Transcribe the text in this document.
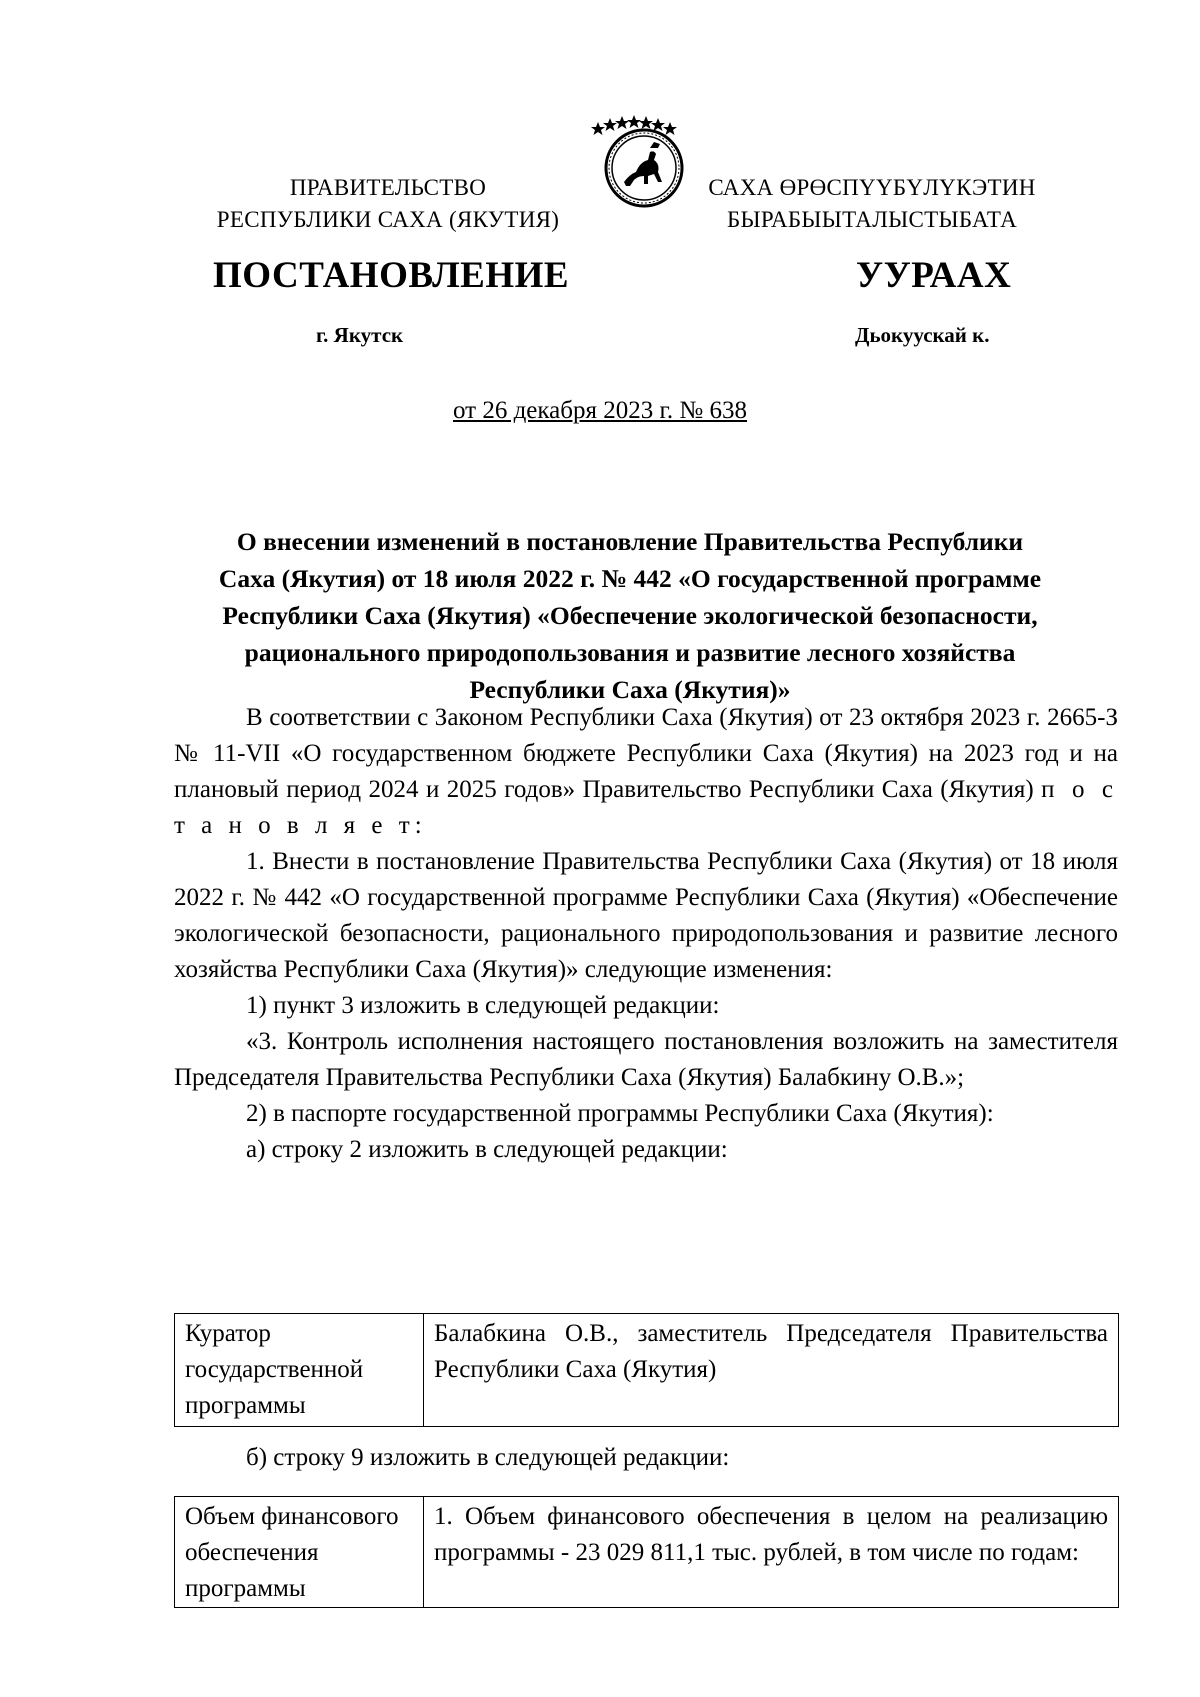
ПРАВИТЕЛЬСТВО
РЕСПУБЛИКИ САХА (ЯКУТИЯ)
САХА ӨРӨСПҮҮБҮЛҮКЭТИН
БЫРАБЫЫТАЛЫСТЫБАТА
ПОСТАНОВЛЕНИЕ	УУРААХ
г. Якутск	Дьокуускай к.
от 26 декабря 2023 г. № 638
О внесении изменений в постановление Правительства Республики
Саха (Якутия) от 18 июля 2022 г. № 442 «О государственной программе
Республики Саха (Якутия) «Обеспечение экологической безопасности,
рационального природопользования и развитие лесного хозяйства
Республики Саха (Якутия)»

В соответствии с Законом Республики Саха (Якутия) от 23 октября 2023 г. 2665-З № 11-VII «О государственном бюджете Республики Саха (Якутия) на 2023 год и на плановый период 2024 и 2025 годов» Правительство Республики Саха (Якутия) п о с т а н о в л я е т:

1. Внести в постановление Правительства Республики Саха (Якутия) от 18 июля 2022 г. № 442 «О государственной программе Республики Саха (Якутия) «Обеспечение экологической безопасности, рационального природопользования и развитие лесного хозяйства Республики Саха (Якутия)» следующие изменения:

1) пункт 3 изложить в следующей редакции:

«3. Контроль исполнения настоящего постановления возложить на заместителя Председателя Правительства Республики Саха (Якутия) Балабкину О.В.»;

2) в паспорте государственной программы Республики Саха (Якутия):

а) строку 2 изложить в следующей редакции:

Куратор государственной программы	Балабкина О.В., заместитель Председателя Правительства Республики Саха (Якутия)

б) строку 9 изложить в следующей редакции:

Объем финансового обеспечения программы	1. Объем финансового обеспечения в целом на реализацию программы - 23 029 811,1 тыс. рублей, в том числе по годам:
